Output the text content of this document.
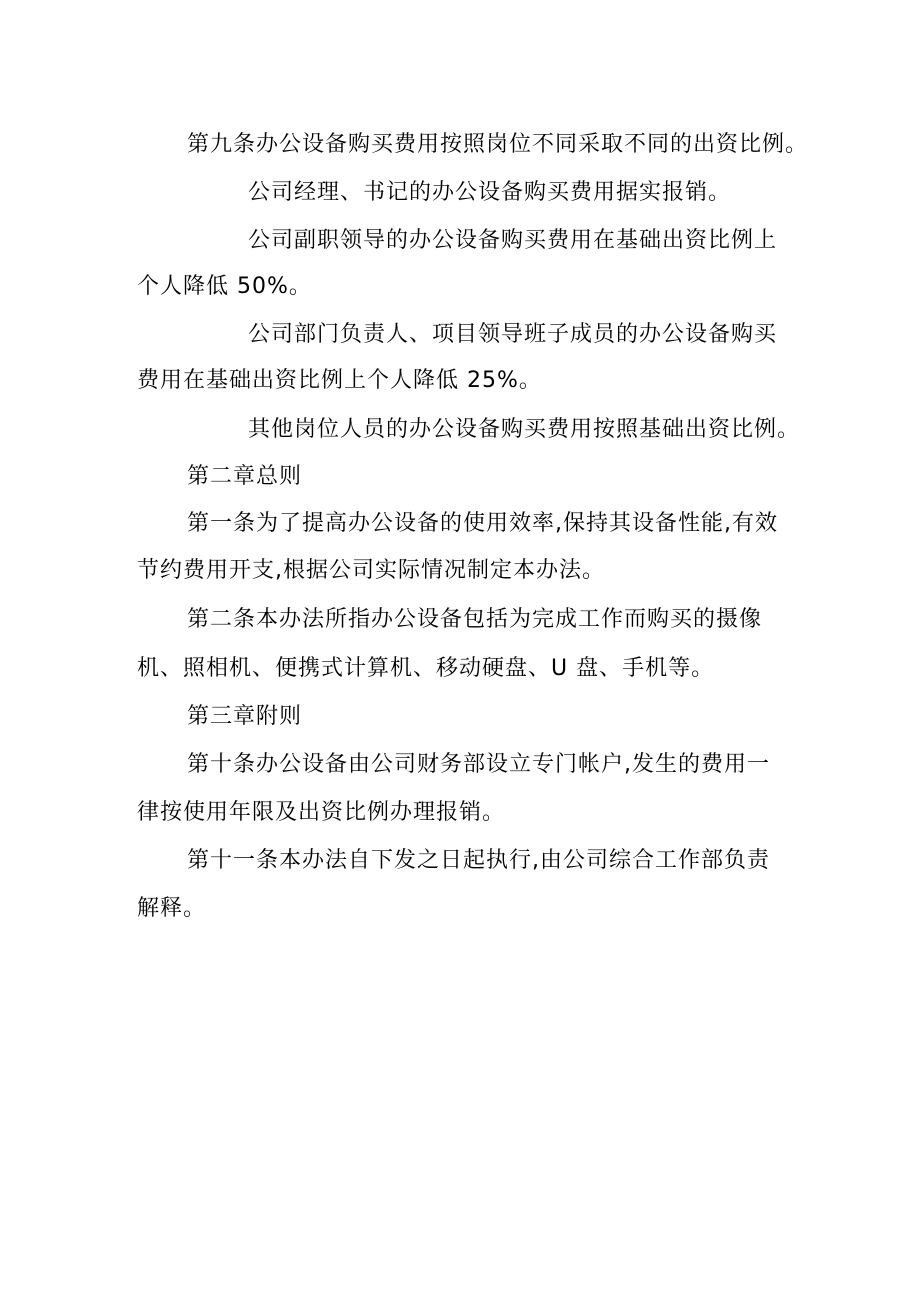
第九条办公设备购买费用按照岗位不同采取不同的出资比例。
公司经理、书记的办公设备购买费用据实报销。
公司副职领导的办公设备购买费用在基础出资比例上
个人降低 50%。
公司部门负责人、项目领导班子成员的办公设备购买
费用在基础出资比例上个人降低 25%。
其他岗位人员的办公设备购买费用按照基础出资比例。
第二章总则
第一条为了提高办公设备的使用效率,保持其设备性能,有效
节约费用开支,根据公司实际情况制定本办法。
第二条本办法所指办公设备包括为完成工作而购买的摄像
机、照相机、便携式计算机、移动硬盘、U 盘、手机等。
第三章附则
第十条办公设备由公司财务部设立专门帐户,发生的费用一
律按使用年限及出资比例办理报销。
第十一条本办法自下发之日起执行,由公司综合工作部负责
解释。
